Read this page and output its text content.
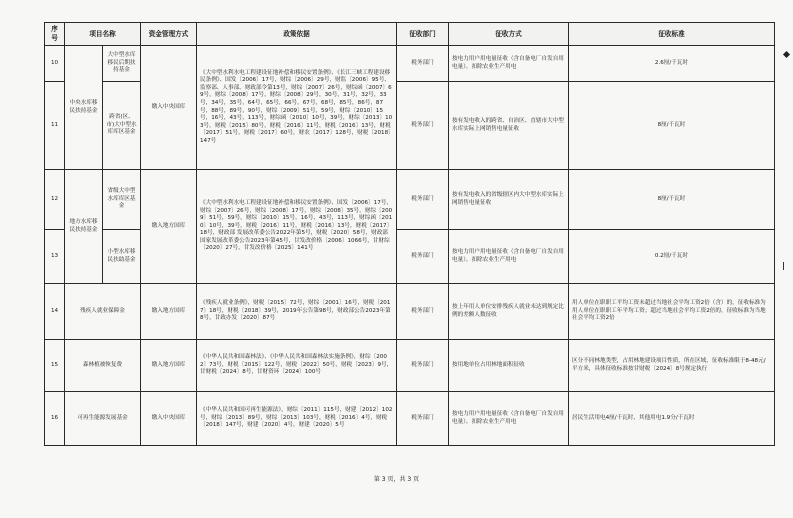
序号	项目名称		资金管理方式	政策依据	征收部门	征收方式	征收标准
10	中央水库移民扶持基金	大中型水库移民后期扶持基金	缴入中央国库	《大中型水利水电工程建设征地补偿和移民安置条例》、《长江三峡工程建设移民条例》、国发〔2006〕17号，财综〔2006〕29号，财监〔2006〕95号、监察部、人事部、财政部令第13号，财综〔2007〕26号，财综函〔2007〕69号，财综〔2008〕17号，财综〔2008〕29号，30号，31号，32号，33号，34号，35号，64号，65号，66号，67号，68号，85号，86号，87号，88号，89号，90号，财综〔2009〕51号，59号，财综〔2010〕15号，16号，43号，113号，财综函〔2010〕10号，39号，财综〔2013〕103号，财税〔2015〕80号，财税〔2016〕11号，财税〔2016〕13号，财税〔2017〕51号，财税〔2017〕60号，财农〔2017〕128号，财税〔2018〕147号	税务部门	按电力用户用电量征收（含自备电厂自发自用电量），扣除农业生产用电	2.6厘/千瓦时
11		跨省(区、市)大中型水库库区基金			税务部门	按有发电收入的跨省、自治区、直辖市大中型水库实际上网销售电量征收	8厘/千瓦时
12	地方水库移民扶持基金	省级大中型水库库区基金	缴入地方国库	《大中型水利水电工程建设征地补偿和移民安置条例》、国发〔2006〕17号，财综〔2007〕26号，财综〔2008〕17号，财综〔2008〕35号，财综〔2009〕51号，59号，财综〔2010〕15号，16号，43号，113号，财综函〔2010〕10号，39号，财税〔2016〕11号，财税〔2016〕13号，财税〔2017〕18号，财政部 发展改革委公告2022年第5号，财税〔2020〕58号，财政部 国家发展改革委公告2023年第45号，甘发改价格〔2006〕1066号，甘财综〔2020〕27号，甘发改价格〔2025〕141号	税务部门	按有发电收入的省级辖区内大中型水库实际上网销售电量征收	8厘/千瓦时
13		小型水库移民扶助基金			税务部门	按电力用户用电量征收（含自备电厂自发自用电量），扣除农业生产用电	0.2厘/千瓦时
14	残疾人就业保障金		缴入地方国库	《残疾人就业条例》，财税〔2015〕72号，财综〔2001〕16号，财税〔2017〕18号，财税〔2018〕39号，2019年公告第98号，财政部公告2023年第8号，甘政办发〔2020〕87号	税务部门	按上年用人单位安排残疾人就业未达到规定比例的差额人数征收	用人单位在职职工平均工资未超过当地社会平均工资2倍（含）的，征收标准为用人单位在职职工年平均工资；超过当地社会平均工资2倍的，征收标准为当地社会平均工资2倍
15	森林植被恢复费		缴入地方国库	《中华人民共和国森林法》、《中华人民共和国森林法实施条例》，财综〔2002〕73号，财税〔2015〕122号，财税〔2022〕50号，财税〔2023〕9号，甘财税〔2024〕8号，甘财资环〔2024〕100号	税务部门	按用地单位占用林地面积征收	区分不同林地类型，占用林地建设项目性质，所在区域，征收标准限于8-48元/平方米，具体征收标准按甘财税〔2024〕8号规定执行
16	可再生能源发展基金		缴入中央国库	《中华人民共和国可再生能源法》，财综〔2011〕115号，财建〔2012〕102号，财综〔2013〕89号，财综〔2013〕103号，财税〔2016〕4号，财税〔2018〕147号，财建〔2020〕4号，财建〔2020〕5号	税务部门	按电力用户用电量征收（含自备电厂自发自用电量），扣除农业生产用电	居民生活用电4厘/千瓦时，其他用电1.9分/千瓦时
第 3 页，共 3 页
